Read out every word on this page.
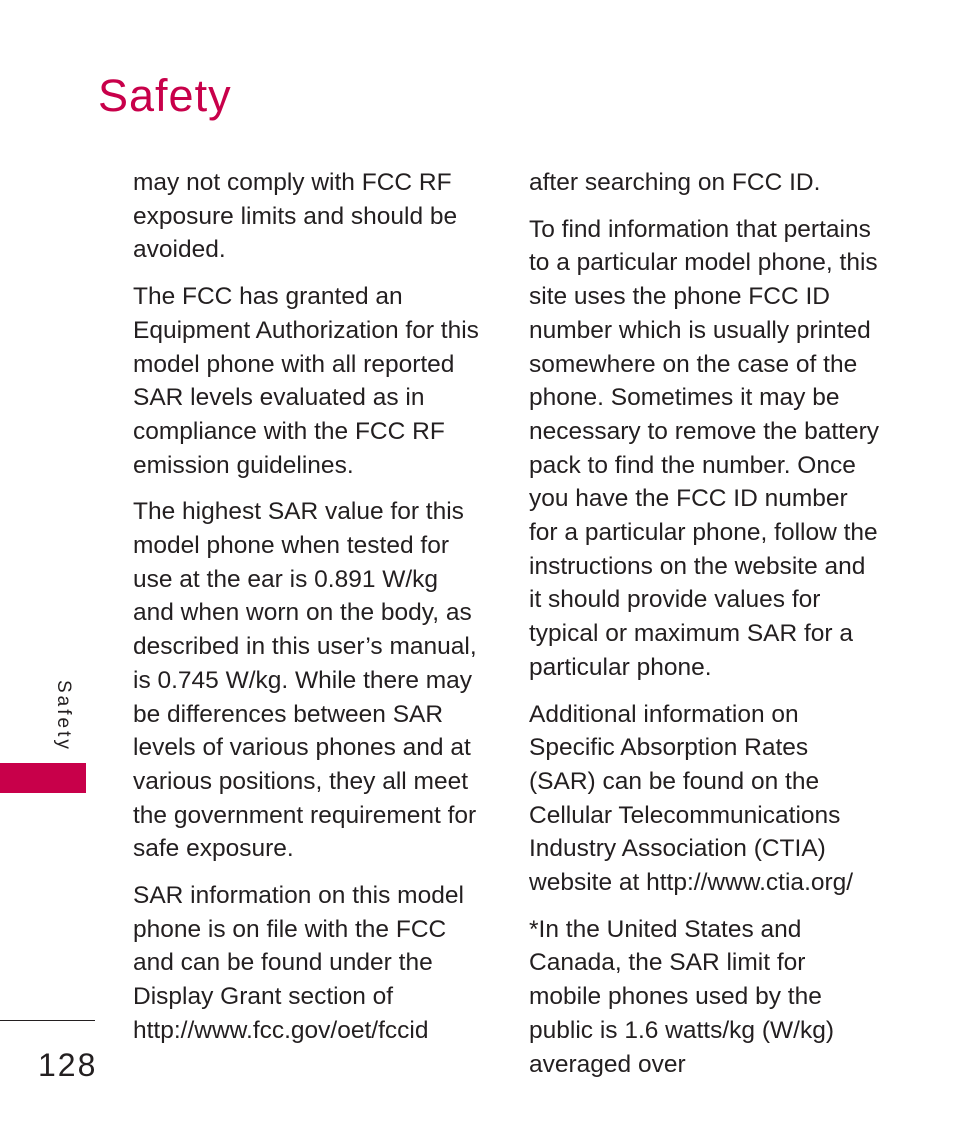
Safety

may not comply with FCC RF exposure limits and should be avoided.

The FCC has granted an Equipment Authorization for this model phone with all reported SAR levels evaluated as in compliance with the FCC RF emission guidelines.

The highest SAR value for this model phone when tested for use at the ear is 0.891 W/kg and when worn on the body, as described in this user’s manual, is 0.745 W/kg. While there may be differences between SAR levels of various phones and at various positions, they all meet the government requirement for safe exposure.

SAR information on this model phone is on file with the FCC and can be found under the Display Grant section of http://www.fcc.gov/oet/fccid

after searching on FCC ID.

To find information that pertains to a particular model phone, this site uses the phone FCC ID number which is usually printed somewhere on the case of the phone. Sometimes it may be necessary to remove the battery pack to find the number. Once you have the FCC ID number for a particular phone, follow the instructions on the website and it should provide values for typical or maximum SAR for a particular phone.

Additional information on Specific Absorption Rates (SAR) can be found on the Cellular Telecommunications Industry Association (CTIA) website at http://www.ctia.org/

*In the United States and Canada, the SAR limit for mobile phones used by the public is 1.6 watts/kg (W/kg) averaged over

Safety
128
